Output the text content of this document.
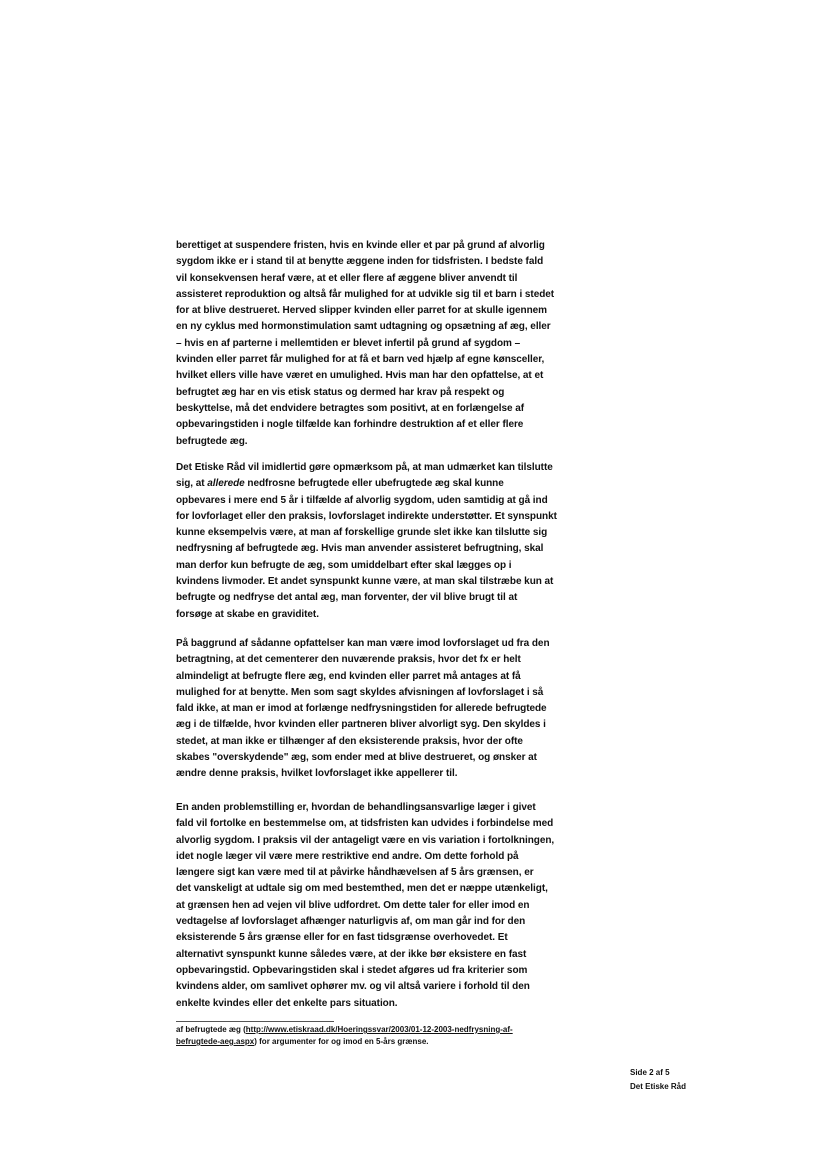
berettiget at suspendere fristen, hvis en kvinde eller et par på grund af alvorlig
sygdom ikke er i stand til at benytte æggene inden for tidsfristen. I bedste fald
vil konsekvensen heraf være, at et eller flere af æggene bliver anvendt til
assisteret reproduktion og altså får mulighed for at udvikle sig til et barn i stedet
for at blive destrueret. Herved slipper kvinden eller parret for at skulle igennem
en ny cyklus med hormonstimulation samt udtagning og opsætning af æg, eller
– hvis en af parterne i mellemtiden er blevet infertil på grund af sygdom –
kvinden eller parret får mulighed for at få et barn ved hjælp af egne kønsceller,
hvilket ellers ville have været en umulighed. Hvis man har den opfattelse, at et
befrugtet æg har en vis etisk status og dermed har krav på respekt og
beskyttelse, må det endvidere betragtes som positivt, at en forlængelse af
opbevaringstiden i nogle tilfælde kan forhindre destruktion af et eller flere
befrugtede æg.

Det Etiske Råd vil imidlertid gøre opmærksom på, at man udmærket kan tilslutte
sig, at allerede nedfrosne befrugtede eller ubefrugtede æg skal kunne
opbevares i mere end 5 år i tilfælde af alvorlig sygdom, uden samtidig at gå ind
for lovforlaget eller den praksis, lovforslaget indirekte understøtter. Et synspunkt
kunne eksempelvis være, at man af forskellige grunde slet ikke kan tilslutte sig
nedfrysning af befrugtede æg. Hvis man anvender assisteret befrugtning, skal
man derfor kun befrugte de æg, som umiddelbart efter skal lægges op i
kvindens livmoder. Et andet synspunkt kunne være, at man skal tilstræbe kun at
befrugte og nedfryse det antal æg, man forventer, der vil blive brugt til at
forsøge at skabe en graviditet.

På baggrund af sådanne opfattelser kan man være imod lovforslaget ud fra den
betragtning, at det cementerer den nuværende praksis, hvor det fx er helt
almindeligt at befrugte flere æg, end kvinden eller parret må antages at få
mulighed for at benytte. Men som sagt skyldes afvisningen af lovforslaget i så
fald ikke, at man er imod at forlænge nedfrysningstiden for allerede befrugtede
æg i de tilfælde, hvor kvinden eller partneren bliver alvorligt syg. Den skyldes i
stedet, at man ikke er tilhænger af den eksisterende praksis, hvor der ofte
skabes "overskydende" æg, som ender med at blive destrueret, og ønsker at
ændre denne praksis, hvilket lovforslaget ikke appellerer til.

En anden problemstilling er, hvordan de behandlingsansvarlige læger i givet
fald vil fortolke en bestemmelse om, at tidsfristen kan udvides i forbindelse med
alvorlig sygdom. I praksis vil der antageligt være en vis variation i fortolkningen,
idet nogle læger vil være mere restriktive end andre. Om dette forhold på
længere sigt kan være med til at påvirke håndhævelsen af 5 års grænsen, er
det vanskeligt at udtale sig om med bestemthed, men det er næppe utænkeligt,
at grænsen hen ad vejen vil blive udfordret. Om dette taler for eller imod en
vedtagelse af lovforslaget afhænger naturligvis af, om man går ind for den
eksisterende 5 års grænse eller for en fast tidsgrænse overhovedet. Et
alternativt synspunkt kunne således være, at der ikke bør eksistere en fast
opbevaringstid. Opbevaringstiden skal i stedet afgøres ud fra kriterier som
kvindens alder, om samlivet ophører mv. og vil altså variere i forhold til den
enkelte kvindes eller det enkelte pars situation.

af befrugtede æg (http://www.etiskraad.dk/Hoeringssvar/2003/01-12-2003-nedfrysning-af-
befrugtede-aeg.aspx) for argumenter for og imod en 5-års grænse.

Side 2 af 5
Det Etiske Råd
